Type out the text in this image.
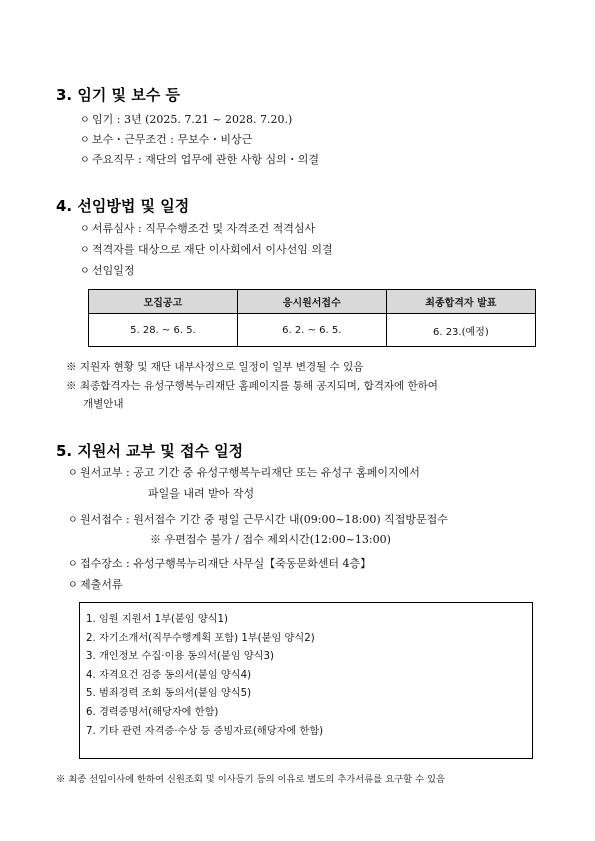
3. 임기 및 보수 등
ㅇ 임기 : 3년 (2025. 7.21 ~ 2028. 7.20.)
ㅇ 보수・근무조건 : 무보수・비상근
ㅇ 주요직무 : 재단의 업무에 관한 사항 심의・의결
4. 선임방법 및 일정
ㅇ 서류심사 : 직무수행조건 및 자격조건 적격심사
ㅇ 적격자를 대상으로 재단 이사회에서 이사선임 의결
ㅇ 선임일정
모집공고	응시원서접수	최종합격자 발표
5. 28. ~ 6. 5.	6. 2. ~ 6. 5.	6. 23.(예정)
※ 지원자 현황 및 재단 내부사정으로 일정이 일부 변경될 수 있음
※ 최종합격자는 유성구행복누리재단 홈페이지를 통해 공지되며, 합격자에 한하여
개별안내
5. 지원서 교부 및 접수 일정
ㅇ 원서교부 : 공고 기간 중 유성구행복누리재단 또는 유성구 홈페이지에서
파일을 내려 받아 작성
ㅇ 원서접수 : 원서접수 기간 중 평일 근무시간 내(09:00~18:00) 직접방문접수
※ 우편접수 불가 / 접수 제외시간(12:00~13:00)
ㅇ 접수장소 : 유성구행복누리재단 사무실【죽동문화센터 4층】
ㅇ 제출서류
1. 임원 지원서 1부(붙임 양식1)
2. 자기소개서(직무수행계획 포함) 1부(붙임 양식2)
3. 개인정보 수집·이용 동의서(붙임 양식3)
4. 자격요건 검증 동의서(붙임 양식4)
5. 범죄경력 조회 동의서(붙임 양식5)
6. 경력증명서(해당자에 한함)
7. 기타 관련 자격증·수상 등 증빙자료(해당자에 한함)
※ 최종 선임이사에 한하여 신원조회 및 이사등기 등의 이유로 별도의 추가서류를 요구할 수 있음
